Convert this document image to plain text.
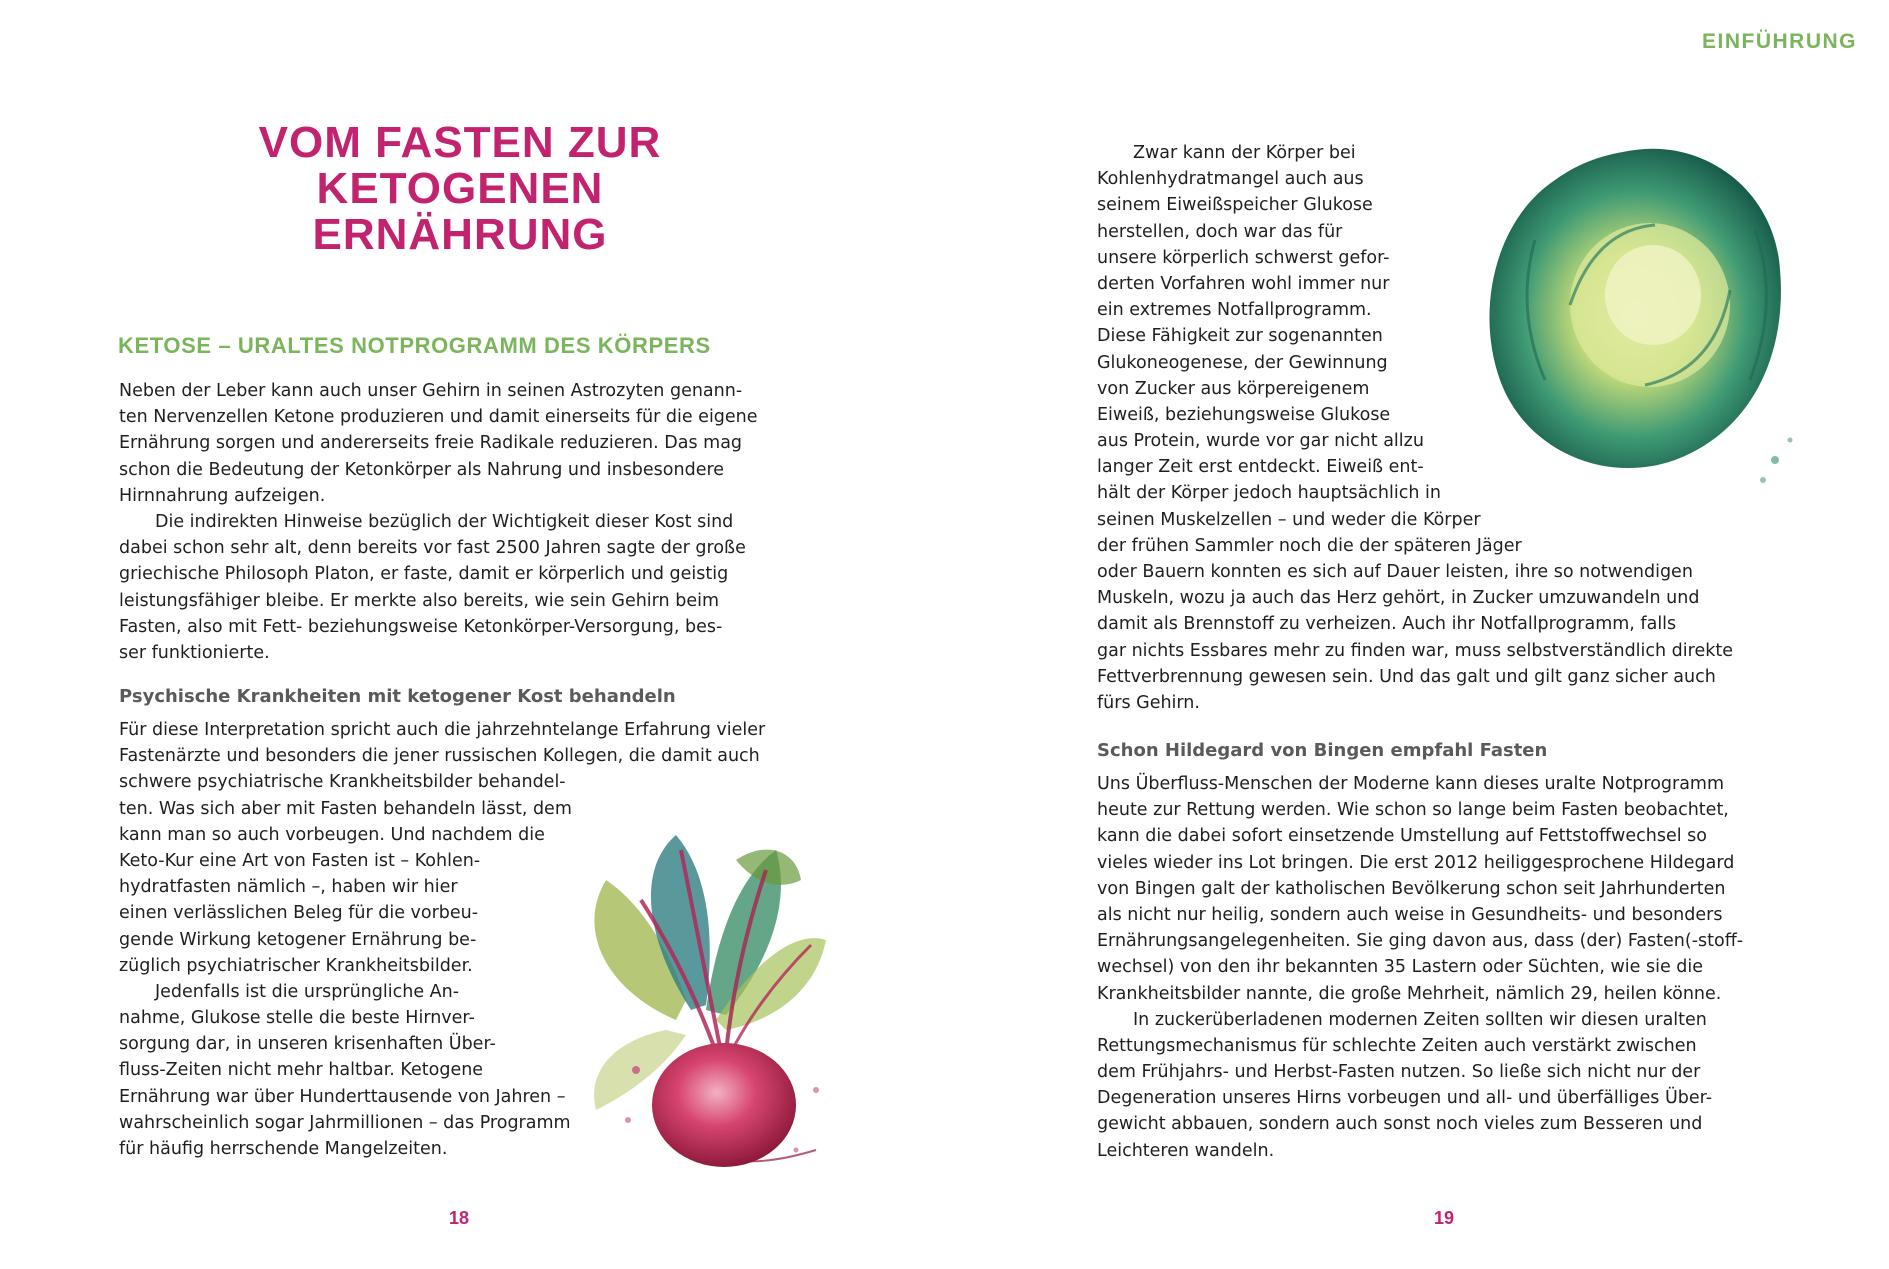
VOM FASTEN ZUR KETOGENEN
ERNÄHRUNG
KETOSE – URALTES NOTPROGRAMM DES KÖRPERS
Neben der Leber kann auch unser Gehirn in seinen Astrozyten genann-
ten Nervenzellen Ketone produzieren und damit einerseits für die eigene
Ernährung sorgen und andererseits freie Radikale reduzieren. Das mag
schon die Bedeutung der Ketonkörper als Nahrung und insbesondere
Hirnnahrung aufzeigen.
Die indirekten Hinweise bezüglich der Wichtigkeit dieser Kost sind
dabei schon sehr alt, denn bereits vor fast 2500 Jahren sagte der große
griechische Philosoph Platon, er faste, damit er körperlich und geistig
leistungsfähiger bleibe. Er merkte also bereits, wie sein Gehirn beim
Fasten, also mit Fett- beziehungsweise Ketonkörper-Versorgung, bes-
ser funktionierte.
Psychische Krankheiten mit ketogener Kost behandeln
Für diese Interpretation spricht auch die jahrzehntelange Erfahrung vieler
Fastenärzte und besonders die jener russischen Kollegen, die damit auch
schwere psychiatrische Krankheitsbilder behandel-
ten. Was sich aber mit Fasten behandeln lässt, dem
kann man so auch vorbeugen. Und nachdem die
Keto-Kur eine Art von Fasten ist – Kohlen-
hydratfasten nämlich –, haben wir hier
einen verlässlichen Beleg für die vorbeu-
gende Wirkung ketogener Ernährung be-
züglich psychiatrischer Krankheitsbilder.
Jedenfalls ist die ursprüngliche An-
nahme, Glukose stelle die beste Hirnver-
sorgung dar, in unseren krisenhaften Über-
fluss-Zeiten nicht mehr haltbar. Ketogene
Ernährung war über Hunderttausende von Jahren –
wahrscheinlich sogar Jahrmillionen – das Programm
für häufig herrschende Mangelzeiten.
18
EINFÜHRUNG
Zwar kann der Körper bei
Kohlenhydratmangel auch aus
seinem Eiweißspeicher Glukose
herstellen, doch war das für
unsere körperlich schwerst gefor-
derten Vorfahren wohl immer nur
ein extremes Notfallprogramm.
Diese Fähigkeit zur sogenannten
Glukoneogenese, der Gewinnung
von Zucker aus körpereigenem
Eiweiß, beziehungsweise Glukose
aus Protein, wurde vor gar nicht allzu
langer Zeit erst entdeckt. Eiweiß ent-
hält der Körper jedoch hauptsächlich in
seinen Muskelzellen – und weder die Körper
der frühen Sammler noch die der späteren Jäger
oder Bauern konnten es sich auf Dauer leisten, ihre so notwendigen
Muskeln, wozu ja auch das Herz gehört, in Zucker umzuwandeln und
damit als Brennstoff zu verheizen. Auch ihr Notfallprogramm, falls
gar nichts Essbares mehr zu finden war, muss selbstverständlich direkte
Fettverbrennung gewesen sein. Und das galt und gilt ganz sicher auch
fürs Gehirn.
Schon Hildegard von Bingen empfahl Fasten
Uns Überfluss-Menschen der Moderne kann dieses uralte Notprogramm
heute zur Rettung werden. Wie schon so lange beim Fasten beobachtet,
kann die dabei sofort einsetzende Umstellung auf Fettstoffwechsel so
vieles wieder ins Lot bringen. Die erst 2012 heiliggesprochene Hildegard
von Bingen galt der katholischen Bevölkerung schon seit Jahrhunderten
als nicht nur heilig, sondern auch weise in Gesundheits- und besonders
Ernährungsangelegenheiten. Sie ging davon aus, dass (der) Fasten(-stoff-
wechsel) von den ihr bekannten 35 Lastern oder Süchten, wie sie die
Krankheitsbilder nannte, die große Mehrheit, nämlich 29, heilen könne.
In zuckerüberladenen modernen Zeiten sollten wir diesen uralten
Rettungsmechanismus für schlechte Zeiten auch verstärkt zwischen
dem Frühjahrs- und Herbst-Fasten nutzen. So ließe sich nicht nur der
Degeneration unseres Hirns vorbeugen und all- und überfälliges Über-
gewicht abbauen, sondern auch sonst noch vieles zum Besseren und
Leichteren wandeln.
19
